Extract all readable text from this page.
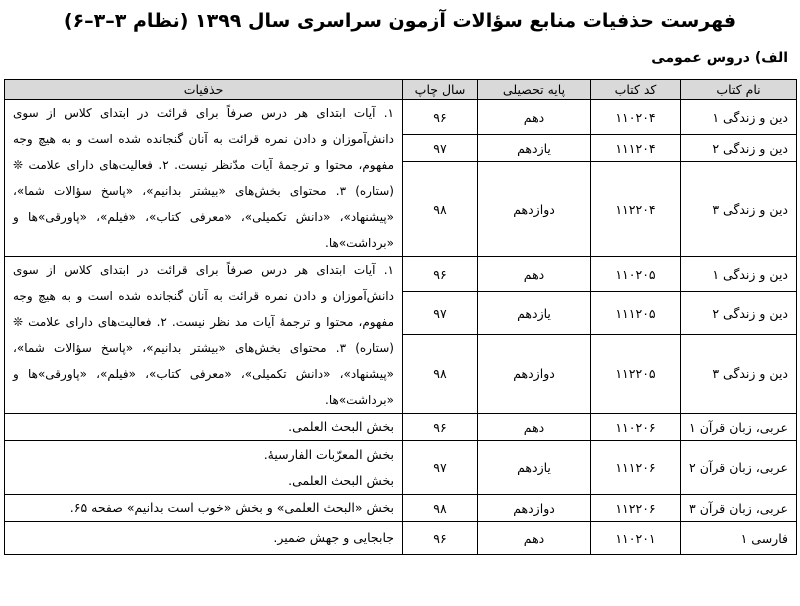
فهرست حذفیات منابع سؤالات آزمون سراسری سال ۱۳۹۹ (نظام ۳–۳–۶)
الف) دروس عمومی
نام کتاب	کد کتاب	پایه تحصیلی	سال چاپ	حذفیات
دین و زندگی ۱	۱۱۰۲۰۴	دهم	۹۶	۱. آیات ابتدای هر درس صرفاً برای قرائت در ابتدای کلاس از سوی دانش‌آموزان و دادن نمره قرائت به آنان گنجانده شده است و به هیچ وجه مفهوم، محتوا و ترجمهٔ آیات مدّنظر نیست. ۲. فعالیت‌های دارای علامت ❊ (ستاره) ۳. محتوای بخش‌های «بیشتر بدانیم»، «پاسخ سؤالات شما»، «پیشنهاد»، «دانش تکمیلی»، «معرفی کتاب»، «فیلم»، «پاورقی»ها و «برداشت»ها.
دین و زندگی ۲	۱۱۱۲۰۴	یازدهم	۹۷	
دین و زندگی ۳	۱۱۲۲۰۴	دوازدهم	۹۸	
دین و زندگی ۱	۱۱۰۲۰۵	دهم	۹۶	۱. آیات ابتدای هر درس صرفاً برای قرائت در ابتدای کلاس از سوی دانش‌آموزان و دادن نمره قرائت به آنان گنجانده شده است و به هیچ وجه مفهوم، محتوا و ترجمهٔ آیات مد نظر نیست. ۲. فعالیت‌های دارای علامت ❊ (ستاره) ۳. محتوای بخش‌های «بیشتر بدانیم»، «پاسخ سؤالات شما»، «پیشنهاد»، «دانش تکمیلی»، «معرفی کتاب»، «فیلم»، «پاورقی»ها و «برداشت»ها.
دین و زندگی ۲	۱۱۱۲۰۵	یازدهم	۹۷	
دین و زندگی ۳	۱۱۲۲۰۵	دوازدهم	۹۸	
عربی، زبان قرآن ۱	۱۱۰۲۰۶	دهم	۹۶	بخش البحث العلمی.

عربی، زبان قرآن ۲	۱۱۱۲۰۶	یازدهم	۹۷	بخش المعرّبات الفارسیهٔ.
بخش البحث العلمی.

عربی، زبان قرآن ۳	۱۱۲۲۰۶	دوازدهم	۹۸	بخش «البحث العلمی» و بخش «خوب است بدانیم» صفحه ۶۵.

فارسی ۱	۱۱۰۲۰۱	دهم	۹۶	جابجایی و جهش ضمیر.
